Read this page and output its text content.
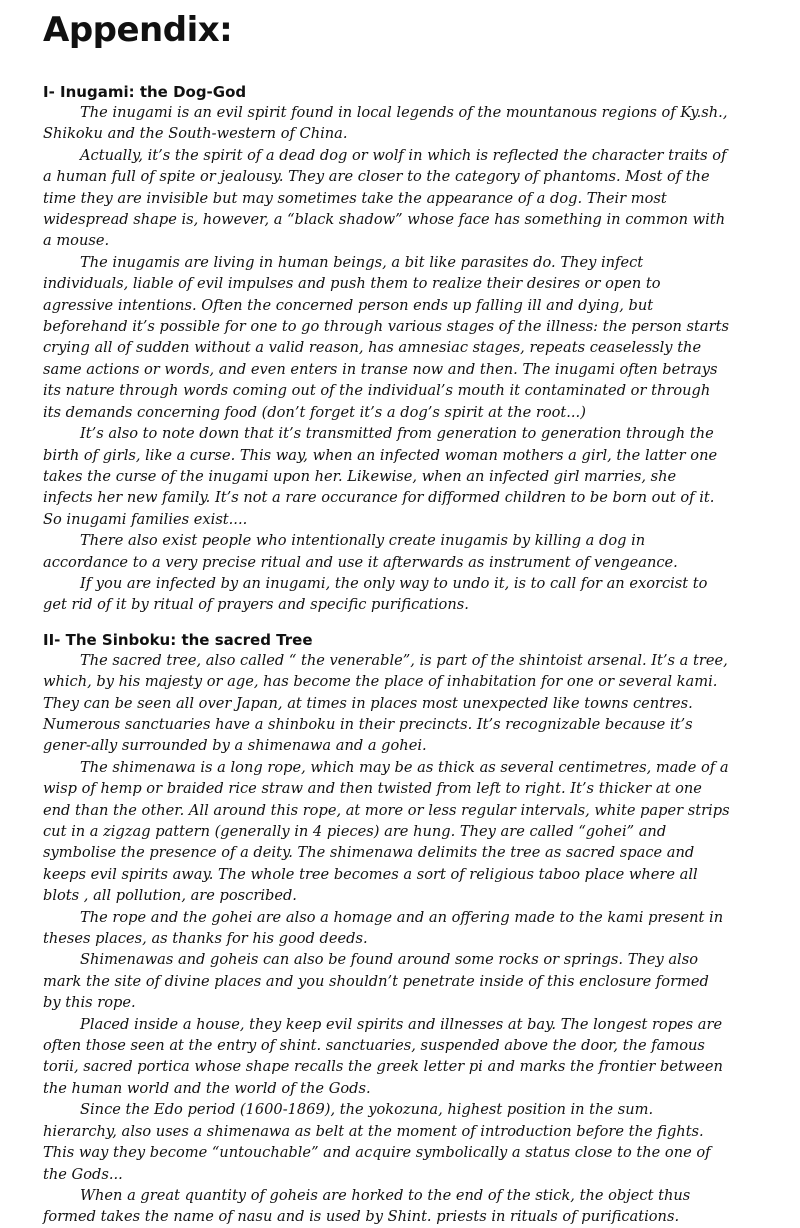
Appendix:
I- Inugami: the Dog-God

The inugami is an evil spirit found in local legends of the mountanous regions of Ky.sh., Shikoku and the South-western of China.

Actually, it’s the spirit of a dead dog or wolf in which is reflected the character traits of a human full of spite or jealousy. They are closer to the category of phantoms. Most of the time they are invisible but may sometimes take the appearance of a dog. Their most widespread shape is, however, a “black shadow” whose face has something in common with a mouse.

The inugamis are living in human beings, a bit like parasites do. They infect individuals, liable of evil impulses and push them to realize their desires or open to agressive intentions. Often the concerned person ends up falling ill and dying, but beforehand it’s possible for one to go through various stages of the illness: the person starts crying all of sudden without a valid reason, has amnesiac stages, repeats ceaselessly the same actions or words, and even enters in transe now and then. The inugami often betrays its nature through words coming out of the individual’s mouth it contaminated or through its demands concerning food (don’t forget it’s a dog’s spirit at the root...)

It’s also to note down that it’s transmitted from generation to generation through the birth of girls, like a curse. This way, when an infected woman mothers a girl, the latter one takes the curse of the inugami upon her. Likewise, when an infected girl marries, she infects her new family. It’s not a rare occurance for difformed children to be born out of it. So inugami families exist....

There also exist people who intentionally create inugamis by killing a dog in accordance to a very precise ritual and use it afterwards as instrument of vengeance.

If you are infected by an inugami, the only way to undo it, is to call for an exorcist to get rid of it by ritual of prayers and specific purifications.

II- The Sinboku: the sacred Tree

The sacred tree, also called “ the venerable”, is part of the shintoist arsenal. It’s a tree, which, by his majesty or age, has become the place of inhabitation for one or several kami. They can be seen all over Japan, at times in places most unexpected like towns centres. Numerous sanctuaries have a shinboku in their precincts. It’s recognizable because it’s gener-ally surrounded by a shimenawa and a gohei.

The shimenawa is a long rope, which may be as thick as several centimetres, made of a wisp of hemp or braided rice straw and then twisted from left to right. It’s thicker at one end than the other. All around this rope, at more or less regular intervals, white paper strips cut in a zigzag pattern (generally in 4 pieces) are hung. They are called “gohei” and symbolise the presence of a deity. The shimenawa delimits the tree as sacred space and keeps evil spirits away. The whole tree becomes a sort of religious taboo place where all blots , all pollution, are poscribed.

The rope and the gohei are also a homage and an offering made to the kami present in theses places, as thanks for his good deeds.

Shimenawas and goheis can also be found around some rocks or springs. They also mark the site of divine places and you shouldn’t penetrate inside of this enclosure formed by this rope.

Placed inside a house, they keep evil spirits and illnesses at bay. The longest ropes are often those seen at the entry of shint. sanctuaries, suspended above the door, the famous torii, sacred portica whose shape recalls the greek letter pi and marks the frontier between the human world and the world of the Gods.

Since the Edo period (1600-1869), the yokozuna, highest position in the sum. hierarchy, also uses a shimenawa as belt at the moment of introduction before the fights. This way they become “untouchable” and acquire symbolically a status close to the one of the Gods...

When a great quantity of goheis are horked to the end of the stick, the object thus formed takes the name of nasu and is used by Shint. priests in rituals of purifications.
